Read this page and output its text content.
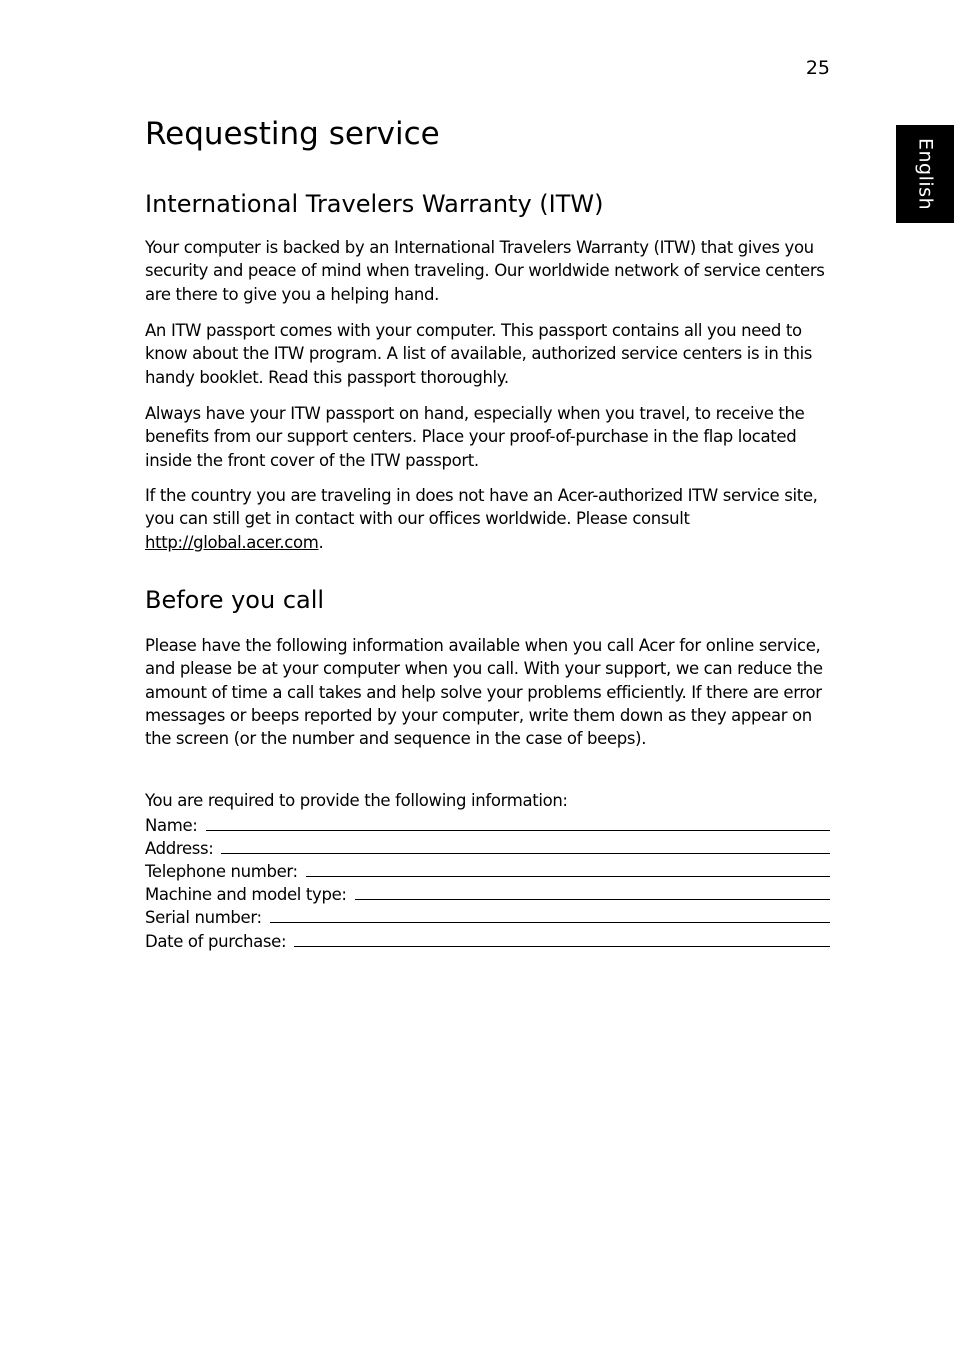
25
English
Requesting service
International Travelers Warranty (ITW)

Your computer is backed by an International Travelers Warranty (ITW) that gives you security and peace of mind when traveling. Our worldwide network of service centers are there to give you a helping hand.

An ITW passport comes with your computer. This passport contains all you need to know about the ITW program. A list of available, authorized service centers is in this handy booklet. Read this passport thoroughly.

Always have your ITW passport on hand, especially when you travel, to receive the benefits from our support centers. Place your proof-of-purchase in the flap located inside the front cover of the ITW passport.

If the country you are traveling in does not have an Acer-authorized ITW service site, you can still get in contact with our offices worldwide. Please consult http://global.acer.com.

Before you call

Please have the following information available when you call Acer for online service, and please be at your computer when you call. With your support, we can reduce the amount of time a call takes and help solve your problems efficiently. If there are error messages or beeps reported by your computer, write them down as they appear on the screen (or the number and sequence in the case of beeps).

You are required to provide the following information:

Name:
Address:
Telephone number:
Machine and model type:
Serial number:
Date of purchase:
